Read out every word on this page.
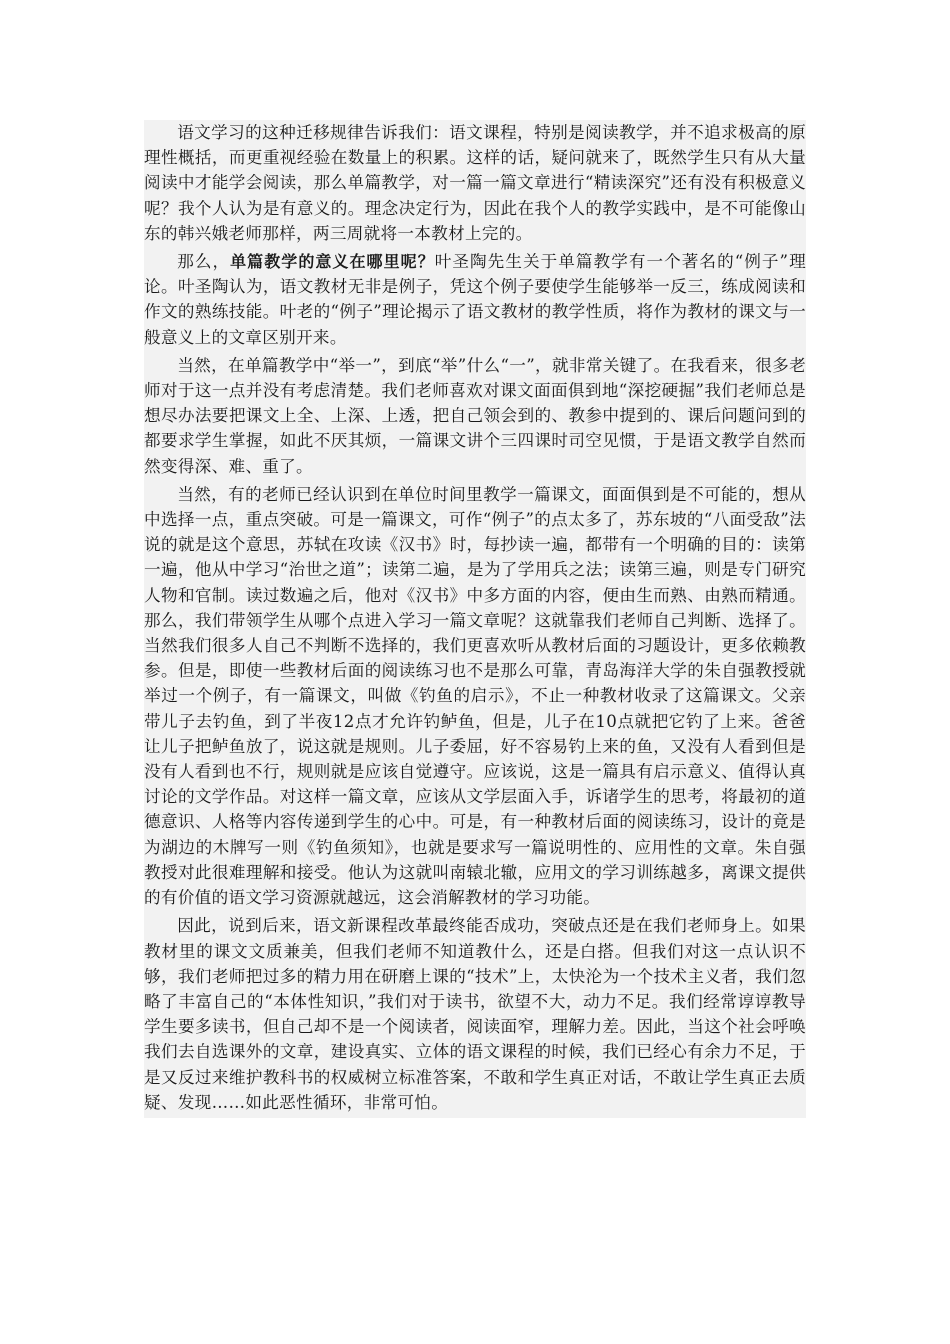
语文学习的这种迁移规律告诉我们：语文课程，特别是阅读教学，并不追求极高的原理性概括，而更重视经验在数量上的积累。这样的话，疑问就来了，既然学生只有从大量阅读中才能学会阅读，那么单篇教学，对一篇一篇文章进行“精读深究”还有没有积极意义呢？我个人认为是有意义的。理念决定行为，因此在我个人的教学实践中，是不可能像山东的韩兴娥老师那样，两三周就将一本教材上完的。

那么，单篇教学的意义在哪里呢？叶圣陶先生关于单篇教学有一个著名的“例子”理论。叶圣陶认为，语文教材无非是例子，凭这个例子要使学生能够举一反三，练成阅读和作文的熟练技能。叶老的“例子”理论揭示了语文教材的教学性质，将作为教材的课文与一般意义上的文章区别开来。

当然，在单篇教学中“举一”，到底“举”什么“一”，就非常关键了。在我看来，很多老师对于这一点并没有考虑清楚。我们老师喜欢对课文面面俱到地“深挖硬掘”我们老师总是想尽办法要把课文上全、上深、上透，把自己领会到的、教参中提到的、课后问题问到的都要求学生掌握，如此不厌其烦，一篇课文讲个三四课时司空见惯，于是语文教学自然而然变得深、难、重了。

当然，有的老师已经认识到在单位时间里教学一篇课文，面面俱到是不可能的，想从中选择一点，重点突破。可是一篇课文，可作“例子”的点太多了，苏东坡的“八面受敌”法说的就是这个意思，苏轼在攻读《汉书》时，每抄读一遍，都带有一个明确的目的：读第一遍，他从中学习“治世之道”；读第二遍，是为了学用兵之法；读第三遍，则是专门研究人物和官制。读过数遍之后，他对《汉书》中多方面的内容，便由生而熟、由熟而精通。那么，我们带领学生从哪个点进入学习一篇文章呢？这就靠我们老师自己判断、选择了。当然我们很多人自己不判断不选择的，我们更喜欢听从教材后面的习题设计，更多依赖教参。但是，即使一些教材后面的阅读练习也不是那么可靠，青岛海洋大学的朱自强教授就举过一个例子，有一篇课文，叫做《钓鱼的启示》，不止一种教材收录了这篇课文。父亲带儿子去钓鱼，到了半夜12点才允许钓鲈鱼，但是，儿子在10点就把它钓了上来。爸爸让儿子把鲈鱼放了，说这就是规则。儿子委屈，好不容易钓上来的鱼，又没有人看到但是没有人看到也不行，规则就是应该自觉遵守。应该说，这是一篇具有启示意义、值得认真讨论的文学作品。对这样一篇文章，应该从文学层面入手，诉诸学生的思考，将最初的道德意识、人格等内容传递到学生的心中。可是，有一种教材后面的阅读练习，设计的竟是为湖边的木牌写一则《钓鱼须知》，也就是要求写一篇说明性的、应用性的文章。朱自强教授对此很难理解和接受。他认为这就叫南辕北辙，应用文的学习训练越多，离课文提供的有价值的语文学习资源就越远，这会消解教材的学习功能。

因此，说到后来，语文新课程改革最终能否成功，突破点还是在我们老师身上。如果教材里的课文文质兼美，但我们老师不知道教什么，还是白搭。但我们对这一点认识不够，我们老师把过多的精力用在研磨上课的“技术”上，太快沦为一个技术主义者，我们忽略了丰富自己的“本体性知识，”我们对于读书，欲望不大，动力不足。我们经常谆谆教导学生要多读书，但自己却不是一个阅读者，阅读面窄，理解力差。因此，当这个社会呼唤我们去自选课外的文章，建设真实、立体的语文课程的时候，我们已经心有余力不足，于是又反过来维护教科书的权威树立标准答案，不敢和学生真正对话，不敢让学生真正去质疑、发现……如此恶性循环，非常可怕。
